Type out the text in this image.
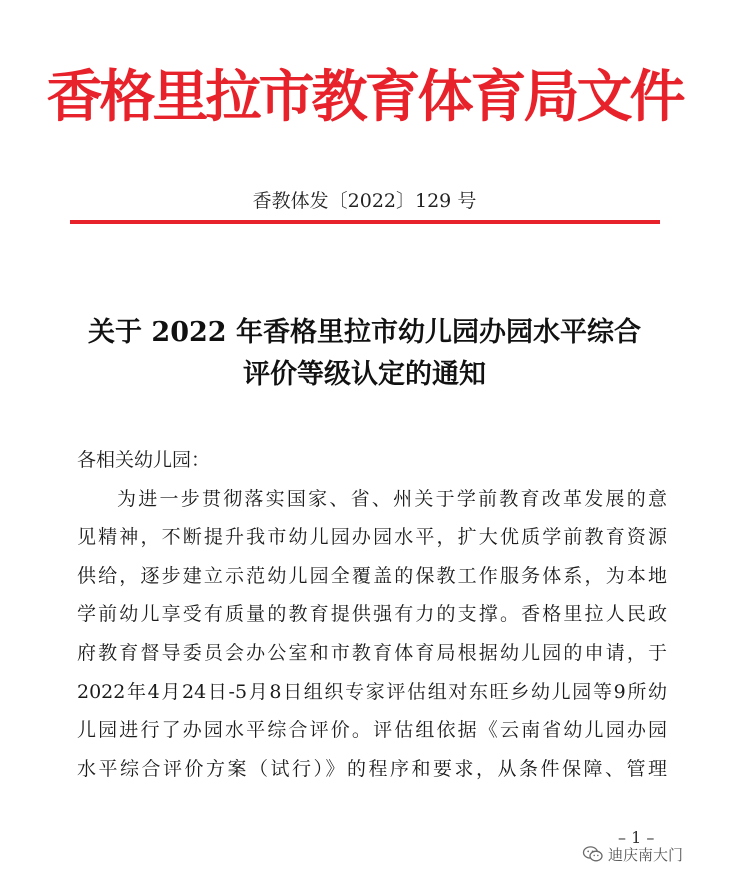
香格里拉市教育体育局文件
香教体发〔2022〕129 号
关于 2022 年香格里拉市幼儿园办园水平综合
评价等级认定的通知
各相关幼儿园：
为进一步贯彻落实国家、省、州关于学前教育改革发展的意
见精神，不断提升我市幼儿园办园水平，扩大优质学前教育资源
供给，逐步建立示范幼儿园全覆盖的保教工作服务体系，为本地
学前幼儿享受有质量的教育提供强有力的支撑。香格里拉人民政
府教育督导委员会办公室和市教育体育局根据幼儿园的申请，于
2022年4月24日-5月8日组织专家评估组对东旺乡幼儿园等9所幼
儿园进行了办园水平综合评价。评估组依据《云南省幼儿园办园
水平综合评价方案（试行）》的程序和要求，从条件保障、管理
– 1 –
迪庆南大门
